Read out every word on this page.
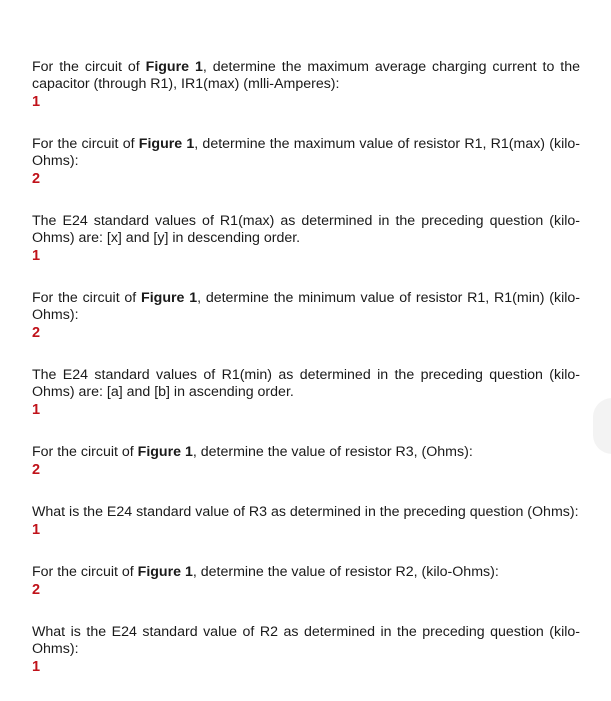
For the circuit of Figure 1, determine the maximum average charging current to the capacitor (through R1), IR1(max) (mlli-Amperes):

1

For the circuit of Figure 1, determine the maximum value of resistor R1, R1(max) (kilo-Ohms):

2

The E24 standard values of R1(max) as determined in the preceding question (kilo-Ohms) are: [x] and [y] in descending order.

1

For the circuit of Figure 1, determine the minimum value of resistor R1, R1(min) (kilo-Ohms):

2

The E24 standard values of R1(min) as determined in the preceding question (kilo-Ohms) are: [a] and [b] in ascending order.

1

For the circuit of Figure 1, determine the value of resistor R3, (Ohms):

2

What is the E24 standard value of R3 as determined in the preceding question (Ohms):

1

For the circuit of Figure 1, determine the value of resistor R2, (kilo-Ohms):

2

What is the E24 standard value of R2 as determined in the preceding question (kilo-Ohms):

1
